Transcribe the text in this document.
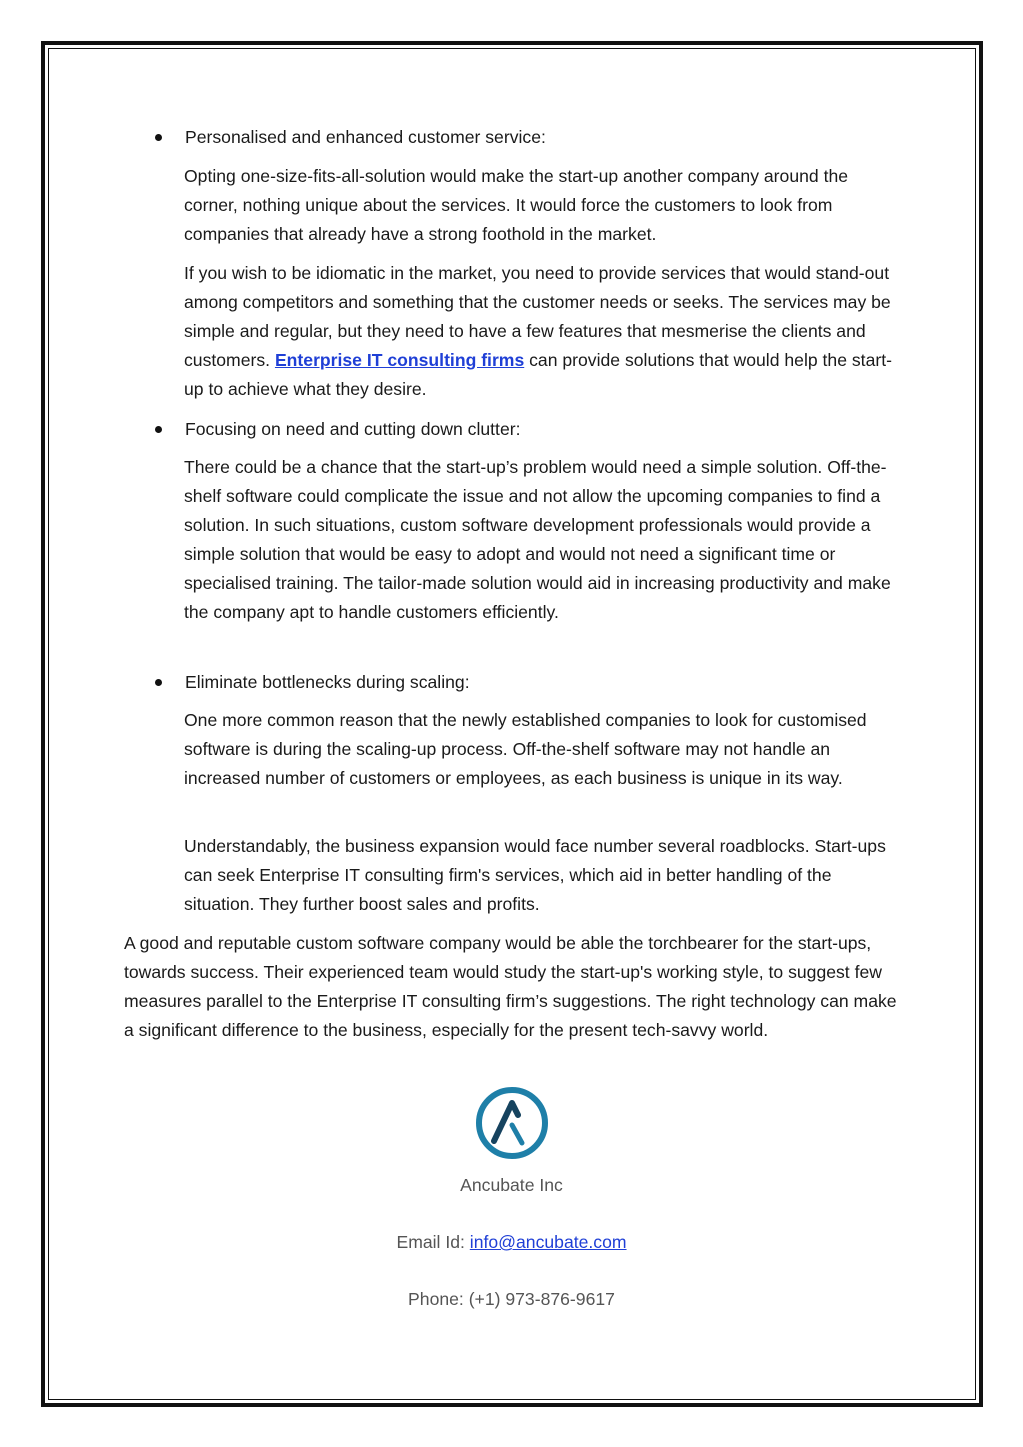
Personalised and enhanced customer service:

Opting one-size-fits-all-solution would make the start-up another company around the corner, nothing unique about the services. It would force the customers to look from companies that already have a strong foothold in the market.

If you wish to be idiomatic in the market, you need to provide services that would stand-out among competitors and something that the customer needs or seeks. The services may be simple and regular, but they need to have a few features that mesmerise the clients and customers. Enterprise IT consulting firms can provide solutions that would help the start-up to achieve what they desire.

Focusing on need and cutting down clutter:

There could be a chance that the start-up’s problem would need a simple solution. Off-the-shelf software could complicate the issue and not allow the upcoming companies to find a solution. In such situations, custom software development professionals would provide a simple solution that would be easy to adopt and would not need a significant time or specialised training. The tailor-made solution would aid in increasing productivity and make the company apt to handle customers efficiently.

Eliminate bottlenecks during scaling:

One more common reason that the newly established companies to look for customised software is during the scaling-up process. Off-the-shelf software may not handle an increased number of customers or employees, as each business is unique in its way.

Understandably, the business expansion would face number several roadblocks. Start-ups can seek Enterprise IT consulting firm's services, which aid in better handling of the situation. They further boost sales and profits.

A good and reputable custom software company would be able the torchbearer for the start-ups, towards success. Their experienced team would study the start-up's working style, to suggest few measures parallel to the Enterprise IT consulting firm’s suggestions. The right technology can make a significant difference to the business, especially for the present tech-savvy world.

Ancubate Inc
Email Id: info@ancubate.com
Phone: (+1) 973-876-9617
